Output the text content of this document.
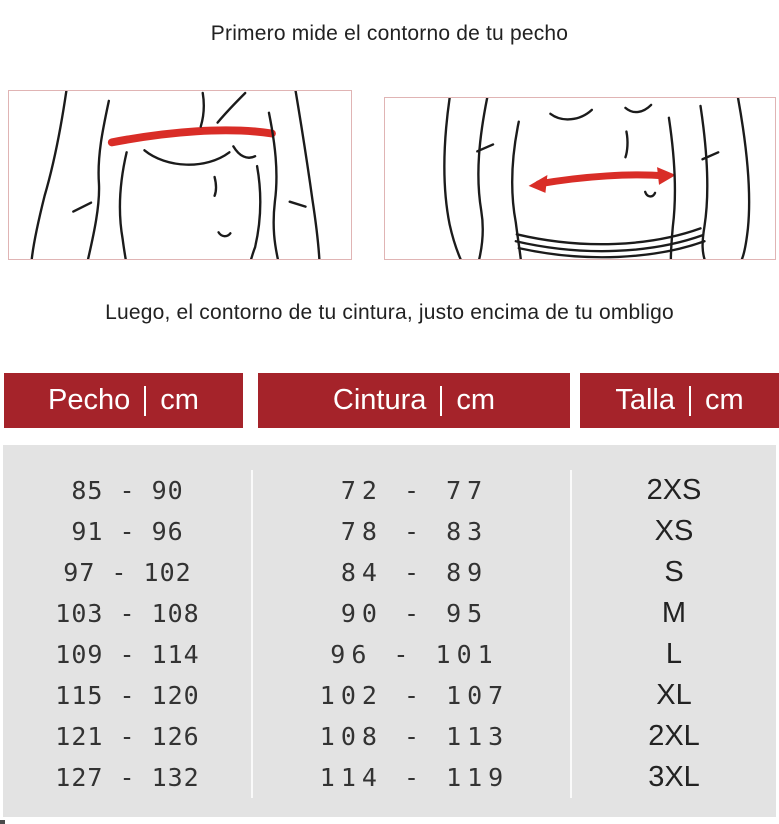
Primero mide el contorno de tu pecho
Luego, el contorno de tu cintura, justo encima de tu ombligo
Pecho cm	Cintura cm	Talla cm
85 - 90
91 - 96
97 - 102
103 - 108
109 - 114
115 - 120
121 - 126
127 - 132
72 - 77
78 - 83
84 - 89
90 - 95
96 - 101
102 - 107
108 - 113
114 - 119
2XS
XS
S
M
L
XL
2XL
3XL
